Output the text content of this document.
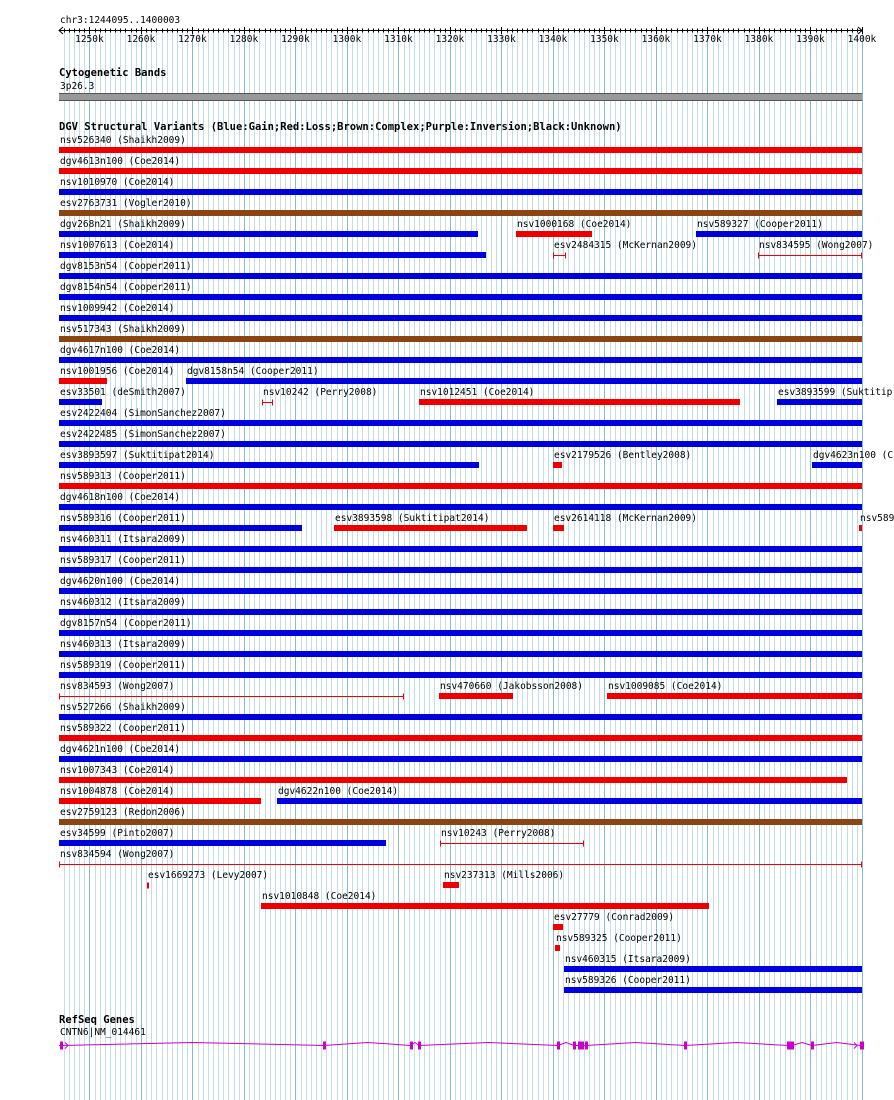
chr3:1244095..1400003
1250k 1260k 1270k 1280k 1290k 1300k 1310k 1320k 1330k 1340k 1350k 1360k 1370k 1380k 1390k 1400k
Cytogenetic Bands
3p26.3
DGV Structural Variants (Blue:Gain;Red:Loss;Brown:Complex;Purple:Inversion;Black:Unknown)
nsv526340 (Shaikh2009)
dgv4613n100 (Coe2014)
nsv1010970 (Coe2014)
esv2763731 (Vogler2010)
dgv268n21 (Shaikh2009)	nsv1000168 (Coe2014)	nsv589327 (Cooper2011)
nsv1007613 (Coe2014)	esv2484315 (McKernan2009)	nsv834595 (Wong2007)
dgv8153n54 (Cooper2011)
dgv8154n54 (Cooper2011)
nsv1009942 (Coe2014)
nsv517343 (Shaikh2009)
dgv4617n100 (Coe2014)
nsv1001956 (Coe2014) dgv8158n54 (Cooper2011)
esv33501 (deSmith2007)	nsv10242 (Perry2008)	nsv1012451 (Coe2014)	esv3893599 (Suktitip
esv2422404 (SimonSanchez2007)
esv2422485 (SimonSanchez2007)
esv3893597 (Suktitipat2014)	esv2179526 (Bentley2008)	dgv4623n100 (C
nsv589313 (Cooper2011)
dgv4618n100 (Coe2014)
nsv589316 (Cooper2011)	esv3893598 (Suktitipat2014)	esv2614118 (McKernan2009)	nsv589
nsv460311 (Itsara2009)
nsv589317 (Cooper2011)
dgv4620n100 (Coe2014)
nsv460312 (Itsara2009)
dgv8157n54 (Cooper2011)
nsv460313 (Itsara2009)
nsv589319 (Cooper2011)
nsv834593 (Wong2007)	nsv470660 (Jakobsson2008)	nsv1009085 (Coe2014)
nsv527266 (Shaikh2009)
nsv589322 (Cooper2011)
dgv4621n100 (Coe2014)
nsv1007343 (Coe2014)
nsv1004878 (Coe2014)	dgv4622n100 (Coe2014)
esv2759123 (Redon2006)
esv34599 (Pinto2007)	nsv10243 (Perry2008)
nsv834594 (Wong2007)
esv1669273 (Levy2007)	nsv237313 (Mills2006)
nsv1010848 (Coe2014)
esv27779 (Conrad2009)
nsv589325 (Cooper2011)
nsv460315 (Itsara2009)
nsv589326 (Cooper2011)
RefSeq Genes
CNTN6|NM_014461
